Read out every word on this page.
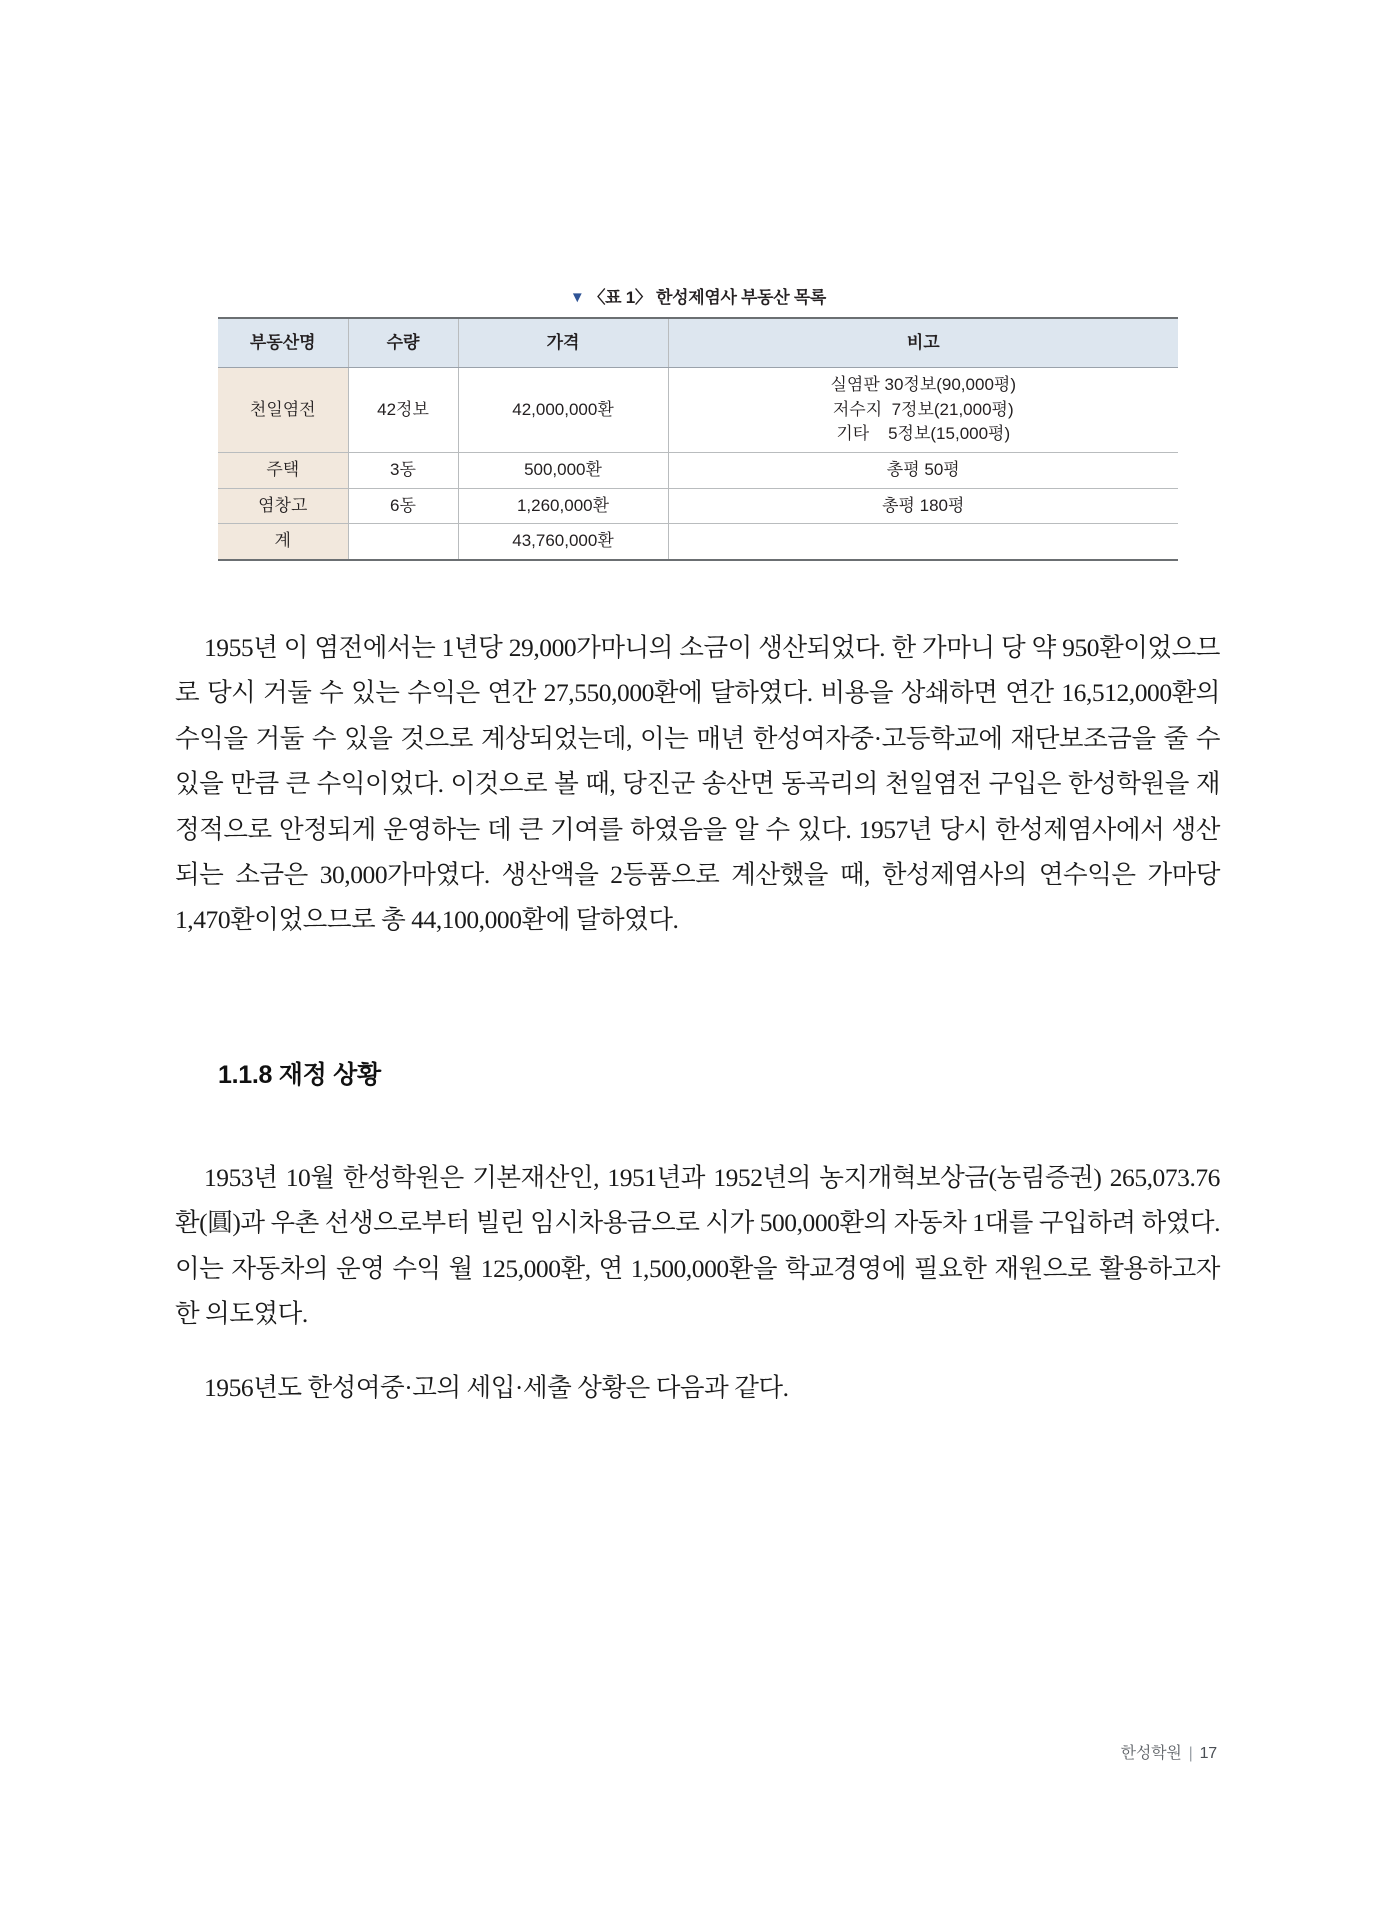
▼ 〈표 1〉 한성제염사 부동산 목록
부동산명	수량	가격	비고
천일염전	42정보	42,000,000환	실염판 30정보(90,000평)
저수지  7정보(21,000평)
기타    5정보(15,000평)

주택	3동	500,000환	총평 50평
염창고	6동	1,260,000환	총평 180평
계		43,760,000환	

1955년 이 염전에서는 1년당 29,000가마니의 소금이 생산되었다. 한 가마니 당 약 950환이었으므로 당시 거둘 수 있는 수익은 연간 27,550,000환에 달하였다. 비용을 상쇄하면 연간 16,512,000환의 수익을 거둘 수 있을 것으로 계상되었는데, 이는 매년 한성여자중·고등학교에 재단보조금을 줄 수 있을 만큼 큰 수익이었다. 이것으로 볼 때, 당진군 송산면 동곡리의 천일염전 구입은 한성학원을 재정적으로 안정되게 운영하는 데 큰 기여를 하였음을 알 수 있다. 1957년 당시 한성제염사에서 생산되는 소금은 30,000가마였다. 생산액을 2등품으로 계산했을 때, 한성제염사의 연수익은 가마당 1,470환이었으므로 총 44,100,000환에 달하였다.

1.1.8 재정 상황

1953년 10월 한성학원은 기본재산인, 1951년과 1952년의 농지개혁보상금(농림증권) 265,073.76환(圓)과 우촌 선생으로부터 빌린 임시차용금으로 시가 500,000환의 자동차 1대를 구입하려 하였다. 이는 자동차의 운영 수익 월 125,000환, 연 1,500,000환을 학교경영에 필요한 재원으로 활용하고자 한 의도였다.

1956년도 한성여중·고의 세입·세출 상황은 다음과 같다.

한성학원 | 17
